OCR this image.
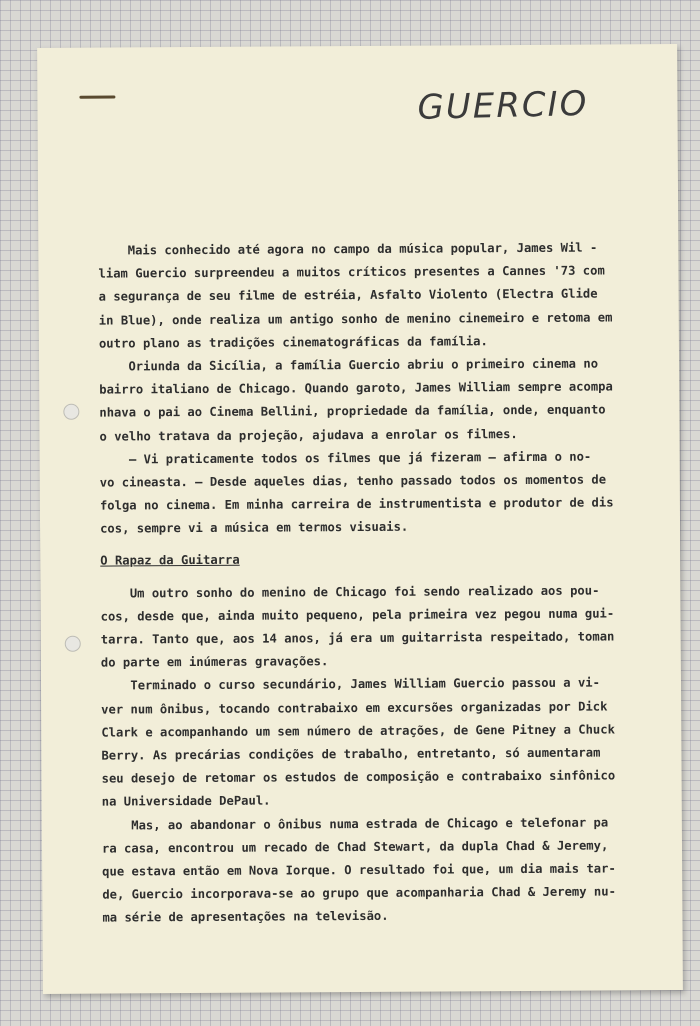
GUERCIO
Mais conhecido até agora no campo da música popular, James Wil -
liam Guercio surpreendeu a muitos críticos presentes a Cannes '73 com
a segurança de seu filme de estréia, Asfalto Violento (Electra Glide
in Blue), onde realiza um antigo sonho de menino cinemeiro e retoma em
outro plano as tradições cinematográficas da família.
Oriunda da Sicília, a família Guercio abriu o primeiro cinema no
bairro italiano de Chicago. Quando garoto, James William sempre acompa
nhava o pai ao Cinema Bellini, propriedade da família, onde, enquanto
o velho tratava da projeção, ajudava a enrolar os filmes.
— Vi praticamente todos os filmes que já fizeram — afirma o no-
vo cineasta. — Desde aqueles dias, tenho passado todos os momentos de
folga no cinema. Em minha carreira de instrumentista e produtor de dis
cos, sempre vi a música em termos visuais.
O Rapaz da Guitarra
Um outro sonho do menino de Chicago foi sendo realizado aos pou-
cos, desde que, ainda muito pequeno, pela primeira vez pegou numa gui-
tarra. Tanto que, aos 14 anos, já era um guitarrista respeitado, toman
do parte em inúmeras gravações.
Terminado o curso secundário, James William Guercio passou a vi-
ver num ônibus, tocando contrabaixo em excursões organizadas por Dick
Clark e acompanhando um sem número de atrações, de Gene Pitney a Chuck
Berry. As precárias condições de trabalho, entretanto, só aumentaram
seu desejo de retomar os estudos de composição e contrabaixo sinfônico
na Universidade DePaul.
Mas, ao abandonar o ônibus numa estrada de Chicago e telefonar pa
ra casa, encontrou um recado de Chad Stewart, da dupla Chad & Jeremy,
que estava então em Nova Iorque. O resultado foi que, um dia mais tar-
de, Guercio incorporava-se ao grupo que acompanharia Chad & Jeremy nu-
ma série de apresentações na televisão.
